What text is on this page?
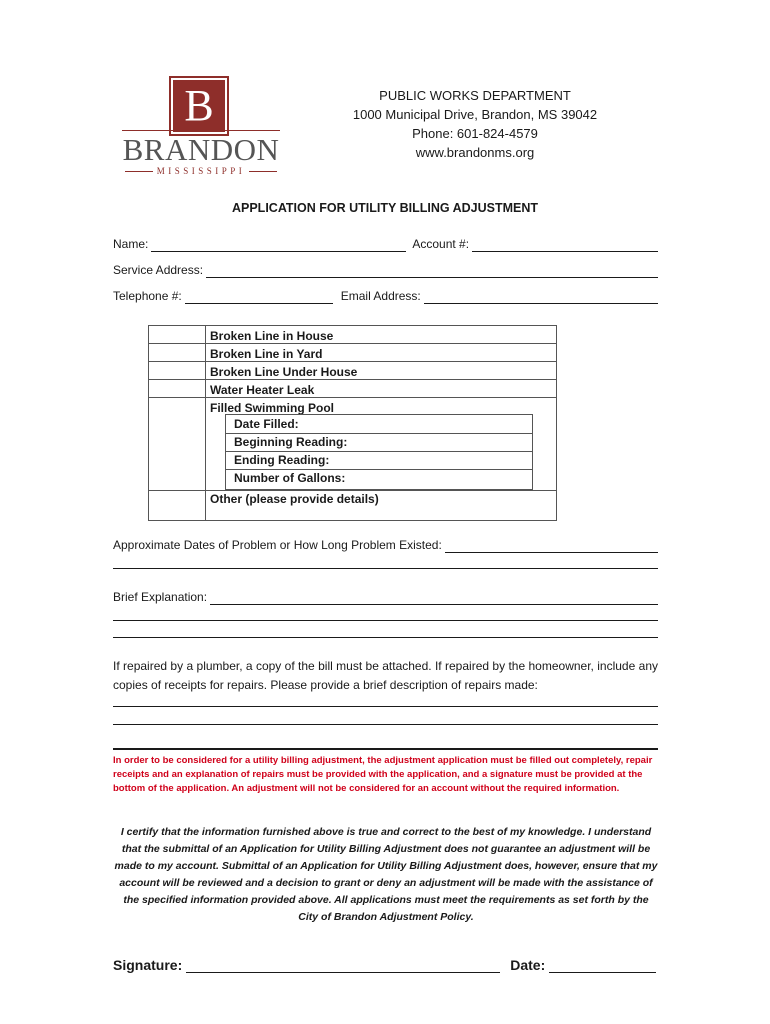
B
BRANDON
MISSISSIPPI
PUBLIC WORKS DEPARTMENT
1000 Municipal Drive, Brandon, MS 39042
Phone: 601-824-4579
www.brandonms.org
APPLICATION FOR UTILITY BILLING ADJUSTMENT
Name:	Account #:
Service Address:
Telephone #:	Email Address:
Broken Line in House
Broken Line in Yard
Broken Line Under House
Water Heater Leak
Filled Swimming Pool
Date Filled:
Beginning Reading:
Ending Reading:
Number of Gallons:
Other (please provide details)
Approximate Dates of Problem or How Long Problem Existed:
Brief Explanation:
If repaired by a plumber, a copy of the bill must be attached. If repaired by the homeowner, include any copies of receipts for repairs. Please provide a brief description of repairs made:
In order to be considered for a utility billing adjustment, the adjustment application must be filled out completely, repair receipts and an explanation of repairs must be provided with the application, and a signature must be provided at the bottom of the application. An adjustment will not be considered for an account without the required information.
I certify that the information furnished above is true and correct to the best of my knowledge. I understand that the submittal of an Application for Utility Billing Adjustment does not guarantee an adjustment will be made to my account. Submittal of an Application for Utility Billing Adjustment does, however, ensure that my account will be reviewed and a decision to grant or deny an adjustment will be made with the assistance of the specified information provided above. All applications must meet the requirements as set forth by the City of Brandon Adjustment Policy.
Signature:	Date:
